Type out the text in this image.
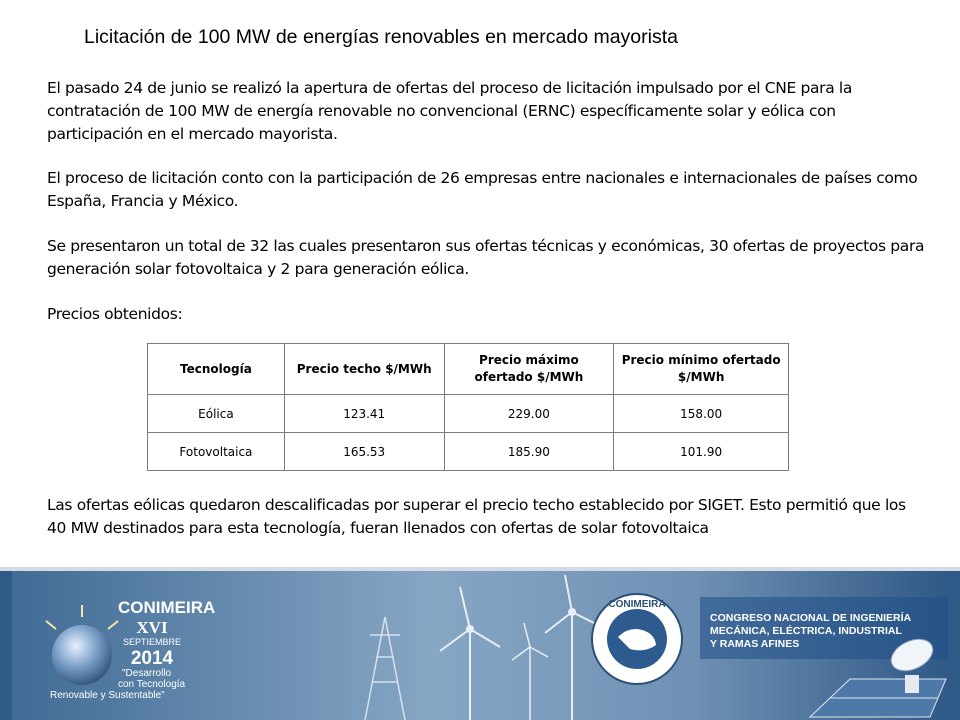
Licitación de 100 MW de energías renovables en mercado mayorista
El pasado 24 de junio se realizó la apertura de ofertas del proceso de licitación impulsado por el CNE para la contratación de 100 MW de energía renovable no convencional (ERNC) específicamente solar y eólica con participación en el mercado mayorista.
El proceso de licitación conto con la participación de 26 empresas entre nacionales e internacionales de países como España, Francia y México.
Se presentaron un total de 32 las cuales presentaron sus ofertas técnicas y económicas, 30 ofertas de proyectos para generación solar fotovoltaica y 2 para generación eólica.
Precios obtenidos:
Tecnología	Precio techo $/MWh	Precio máximo ofertado $/MWh	Precio mínimo ofertado $/MWh
Eólica	123.41	229.00	158.00
Fotovoltaica	165.53	185.90	101.90
Las ofertas eólicas quedaron descalificadas por superar el precio techo establecido por SIGET. Esto permitió que los 40 MW destinados para esta tecnología, fueran llenados con ofertas de solar fotovoltaica
CONIMEIRA
CONIMEIRA
XVI
SEPTIEMBRE
2014
"Desarrollo
con Tecnología
Renovable y Sustentable"
CONGRESO NACIONAL DE INGENIERÍA
MECÁNICA, ELÉCTRICA, INDUSTRIAL
Y RAMAS AFINES
